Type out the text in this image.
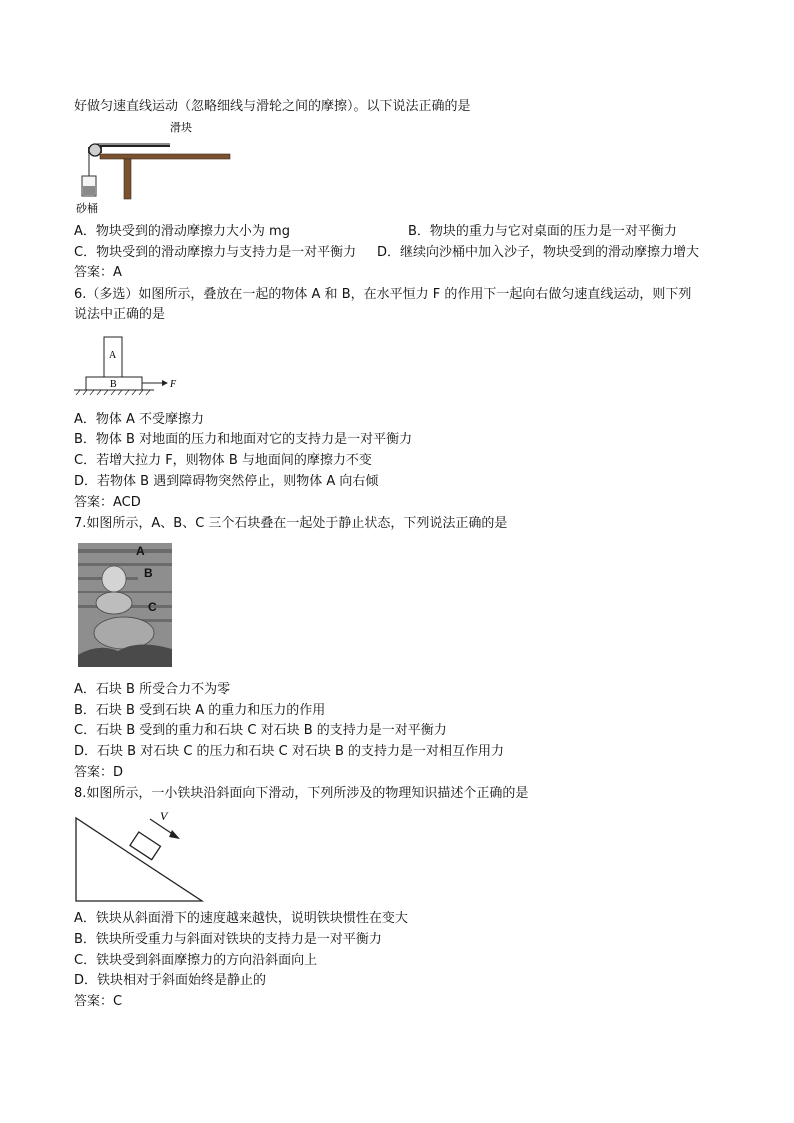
好做匀速直线运动（忽略细线与滑轮之间的摩擦）。以下说法正确的是
滑块
砂桶
A．物块受到的滑动摩擦力大小为 mg	B．物块的重力与它对桌面的压力是一对平衡力
C．物块受到的滑动摩擦力与支持力是一对平衡力 D．继续向沙桶中加入沙子，物块受到的滑动摩擦力增大
答案：A
6.（多选）如图所示，叠放在一起的物体 A 和 B，在水平恒力 F 的作用下一起向右做匀速直线运动，则下列
说法中正确的是
A
B	F
A．物体 A 不受摩擦力
B．物体 B 对地面的压力和地面对它的支持力是一对平衡力
C．若增大拉力 F，则物体 B 与地面间的摩擦力不变
D．若物体 B 遇到障碍物突然停止，则物体 A 向右倾
答案：ACD
7.如图所示，A、B、C 三个石块叠在一起处于静止状态，下列说法正确的是
A
B
C
A．石块 B 所受合力不为零
B．石块 B 受到石块 A 的重力和压力的作用
C．石块 B 受到的重力和石块 C 对石块 B 的支持力是一对平衡力
D．石块 B 对石块 C 的压力和石块 C 对石块 B 的支持力是一对相互作用力
答案：D
8.如图所示，一小铁块沿斜面向下滑动，下列所涉及的物理知识描述个正确的是
V
A．铁块从斜面滑下的速度越来越快，说明铁块惯性在变大
B．铁块所受重力与斜面对铁块的支持力是一对平衡力
C．铁块受到斜面摩擦力的方向沿斜面向上
D．铁块相对于斜面始终是静止的
答案：C
